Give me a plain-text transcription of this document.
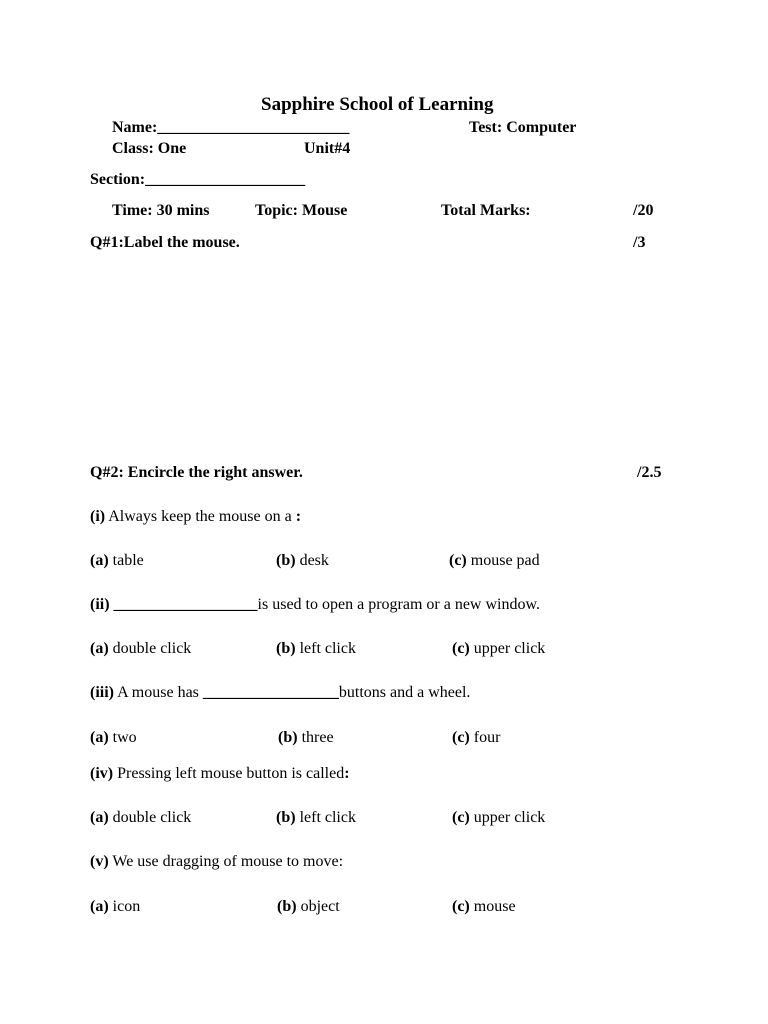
Sapphire School of Learning
Name:________________________	Test: Computer
Class: One	Unit#4
Section:____________________
Time: 30 mins	Topic: Mouse	Total Marks:	/20
Q#1:Label the mouse.	/3
Q#2: Encircle the right answer.	/2.5
(i) Always keep the mouse on a :
(a) table	(b) desk	(c) mouse pad
(ii) __________________is used to open a program or a new window.
(a) double click	(b) left click	(c) upper click
(iii) A mouse has _________________buttons and a wheel.
(a) two	(b) three	(c) four
(iv) Pressing left mouse button is called:
(a) double click	(b) left click	(c) upper click
(v) We use dragging of mouse to move:
(a) icon	(b) object	(c) mouse
